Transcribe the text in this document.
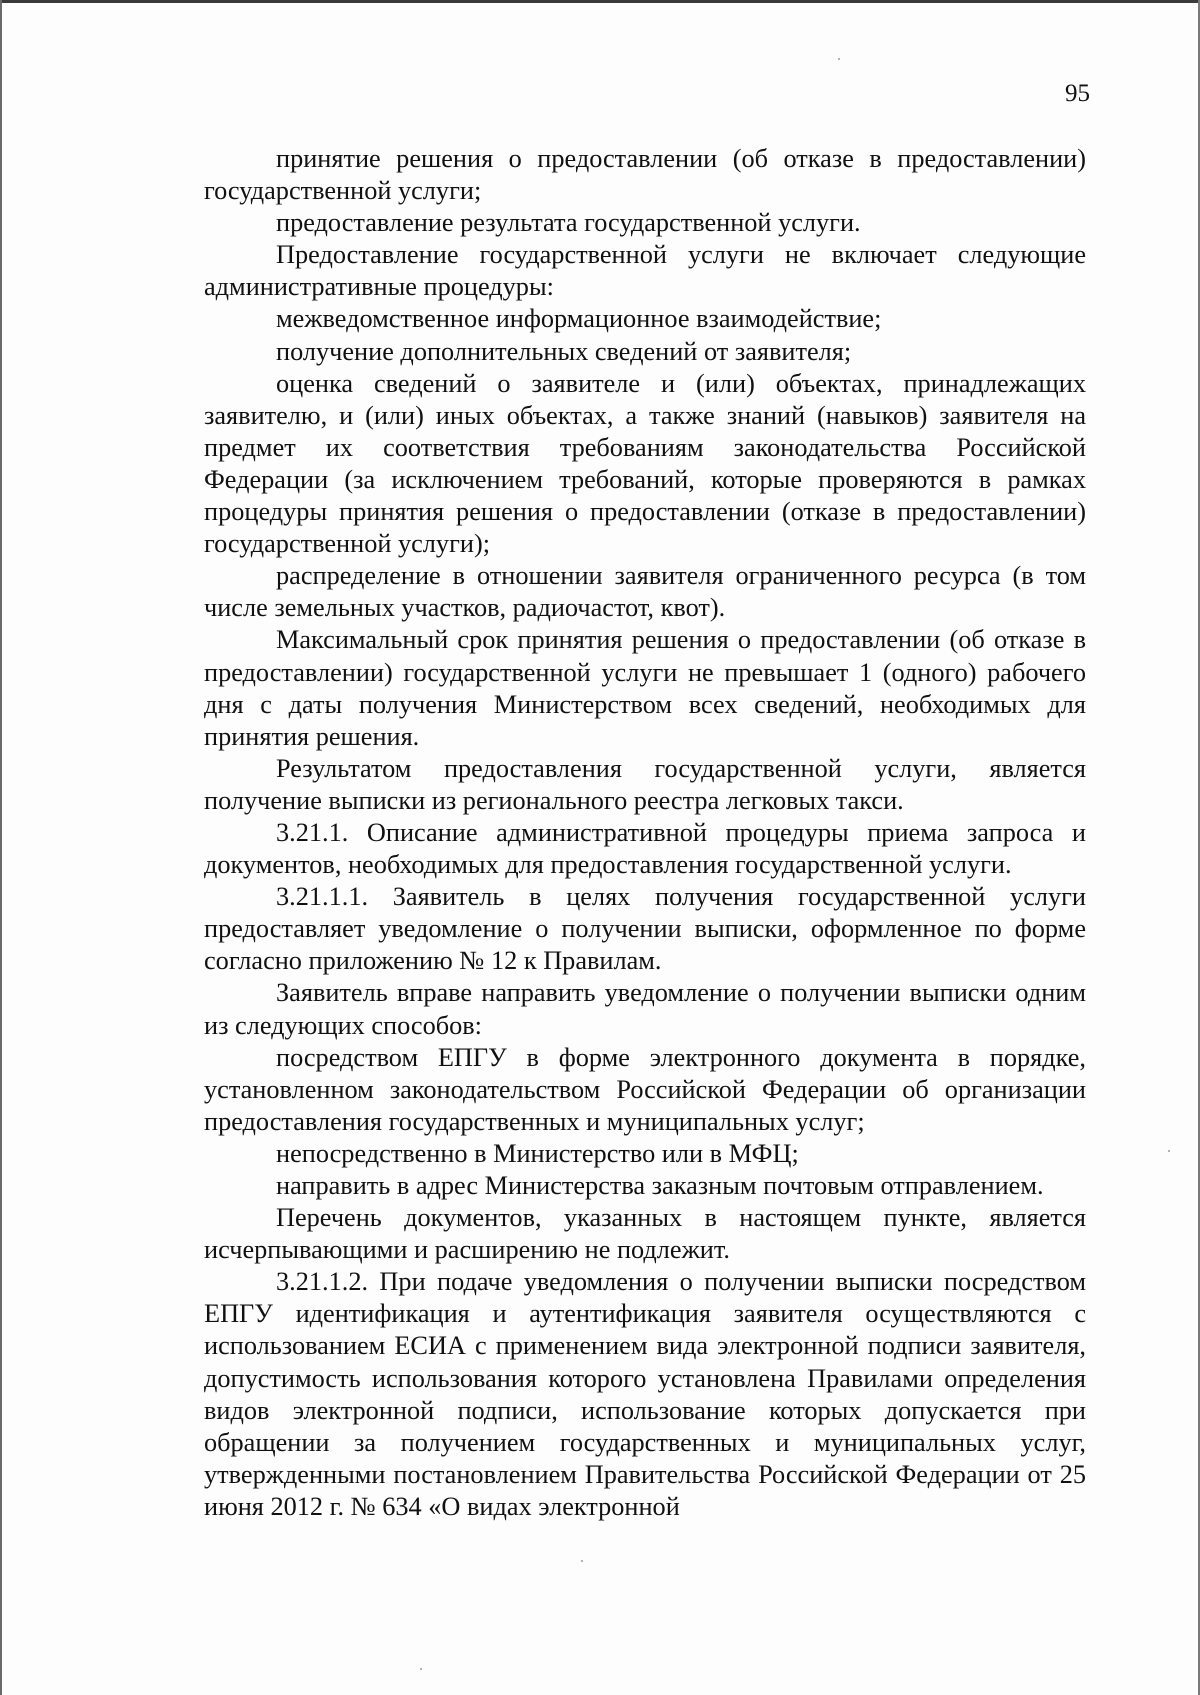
95

принятие решения о предоставлении (об отказе в предоставлении) государственной услуги;

предоставление результата государственной услуги.

Предоставление государственной услуги не включает следующие административные процедуры:

межведомственное информационное взаимодействие;

получение дополнительных сведений от заявителя;

оценка сведений о заявителе и (или) объектах, принадлежащих заявителю, и (или) иных объектах, а также знаний (навыков) заявителя на предмет их соответствия требованиям законодательства Российской Федерации (за исключением требований, которые проверяются в рамках процедуры принятия решения о предоставлении (отказе в предоставлении) государственной услуги);

распределение в отношении заявителя ограниченного ресурса (в том числе земельных участков, радиочастот, квот).

Максимальный срок принятия решения о предоставлении (об отказе в предоставлении) государственной услуги не превышает 1 (одного) рабочего дня с даты получения Министерством всех сведений, необходимых для принятия решения.

Результатом предоставления государственной услуги, является получение выписки из регионального реестра легковых такси.

3.21.1. Описание административной процедуры приема запроса и документов, необходимых для предоставления государственной услуги.

3.21.1.1. Заявитель в целях получения государственной услуги предоставляет уведомление о получении выписки, оформленное по форме согласно приложению № 12 к Правилам.

Заявитель вправе направить уведомление о получении выписки одним из следующих способов:

посредством ЕПГУ в форме электронного документа в порядке, установленном законодательством Российской Федерации об организации предоставления государственных и муниципальных услуг;

непосредственно в Министерство или в МФЦ;

направить в адрес Министерства заказным почтовым отправлением.

Перечень документов, указанных в настоящем пункте, является исчерпывающими и расширению не подлежит.

3.21.1.2. При подаче уведомления о получении выписки посредством ЕПГУ идентификация и аутентификация заявителя осуществляются с использованием ЕСИА с применением вида электронной подписи заявителя, допустимость использования которого установлена Правилами определения видов электронной подписи, использование которых допускается при обращении за получением государственных и муниципальных услуг, утвержденными постановлением Правительства Российской Федерации от 25 июня 2012 г. № 634 «О видах электронной
